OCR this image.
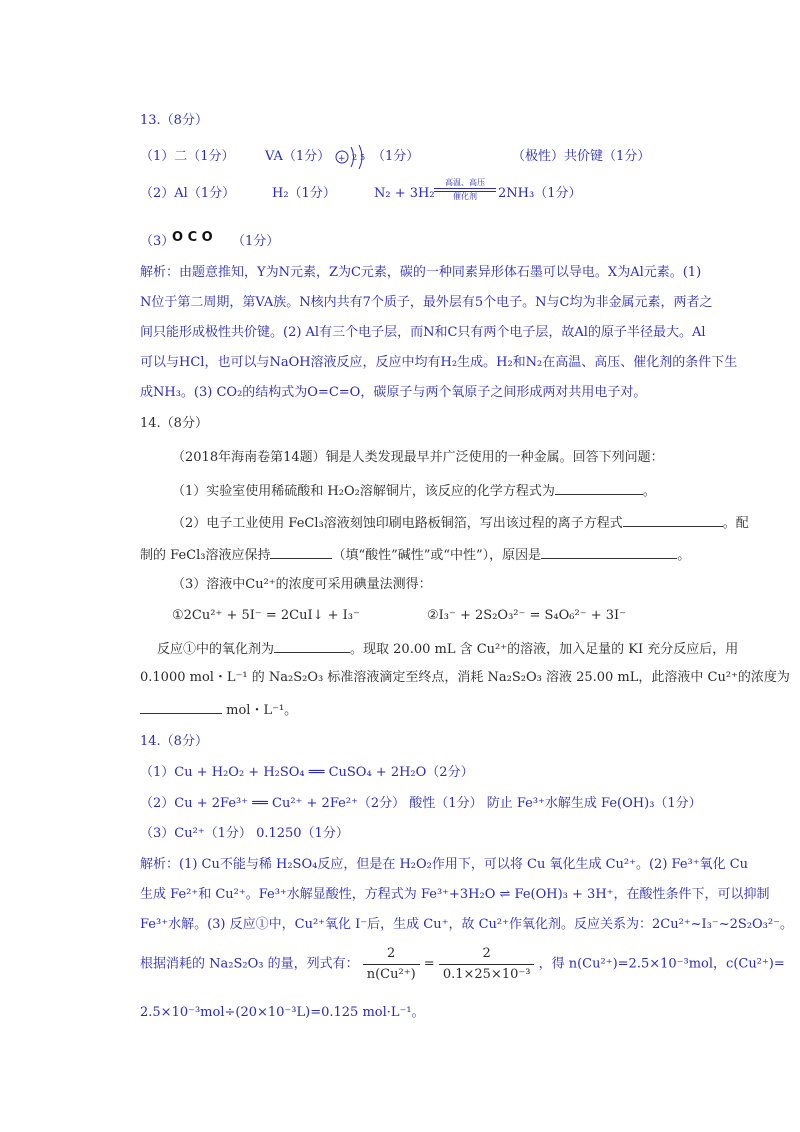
13.（8分）
（1）二（1分） VA（1分） + 2 5 （1分）	（极性）共价键（1分）
（2）Al（1分）	H₂（1分）	N₂ + 3H₂
高温、高压
催化剂	2NH₃（1分）
（3）
O C O （1分）
解析：由题意推知，Y为N元素，Z为C元素，碳的一种同素异形体石墨可以导电。X为Al元素。(1)
N位于第二周期，第VA族。N核内共有7个质子，最外层有5个电子。N与C均为非金属元素，两者之
间只能形成极性共价键。(2) Al有三个电子层，而N和C只有两个电子层，故Al的原子半径最大。Al
可以与HCl，也可以与NaOH溶液反应，反应中均有H₂生成。H₂和N₂在高温、高压、催化剂的条件下生
成NH₃。(3) CO₂的结构式为O=C=O，碳原子与两个氧原子之间形成两对共用电子对。
14.（8分）
（2018年海南卷第14题）铜是人类发现最早并广泛使用的一种金属。回答下列问题：
（1）实验室使用稀硫酸和 H₂O₂溶解铜片，该反应的化学方程式为	。
（2）电子工业使用 FeCl₃溶液刻蚀印刷电路板铜箔，写出该过程的离子方程式	。配
制的 FeCl₃溶液应保持	（填“酸性”碱性”或“中性”），原因是	。
（3）溶液中Cu²⁺的浓度可采用碘量法测得：
①2Cu²⁺ + 5I⁻ = 2CuI↓ + I₃⁻	②I₃⁻ + 2S₂O₃²⁻ = S₄O₆²⁻ + 3I⁻
反应①中的氧化剂为	。现取 20.00 mL 含 Cu²⁺的溶液，加入足量的 KI 充分反应后，用
0.1000 mol・L⁻¹ 的 Na₂S₂O₃ 标准溶液滴定至终点，消耗 Na₂S₂O₃ 溶液 25.00 mL，此溶液中 Cu²⁺的浓度为
mol・L⁻¹。
14.（8分）
（1）Cu + H₂O₂ + H₂SO₄ ══ CuSO₄ + 2H₂O（2分）
（2）Cu + 2Fe³⁺ ══ Cu²⁺ + 2Fe²⁺（2分） 酸性（1分） 防止 Fe³⁺水解生成 Fe(OH)₃（1分）
（3）Cu²⁺（1分） 0.1250（1分）
解析：(1) Cu不能与稀 H₂SO₄反应，但是在 H₂O₂作用下，可以将 Cu 氧化生成 Cu²⁺。(2) Fe³⁺氧化 Cu
生成 Fe²⁺和 Cu²⁺。Fe³⁺水解显酸性，方程式为 Fe³⁺+3H₂O ⇌ Fe(OH)₃ + 3H⁺，在酸性条件下，可以抑制
Fe³⁺水解。(3) 反应①中，Cu²⁺氧化 I⁻后，生成 Cu⁺，故 Cu²⁺作氧化剂。反应关系为：2Cu²⁺~I₃⁻~2S₂O₃²⁻。
根据消耗的 Na₂S₂O₃ 的量，列式有： $\frac{2}{\text{n(Cu²⁺)}} = \frac{2}{\text{0.1×25×10⁻³}}$ ，得 n(Cu²⁺)=2.5×10⁻³mol，c(Cu²⁺)=
2.5×10⁻³mol÷(20×10⁻³L)=0.125 mol·L⁻¹。
